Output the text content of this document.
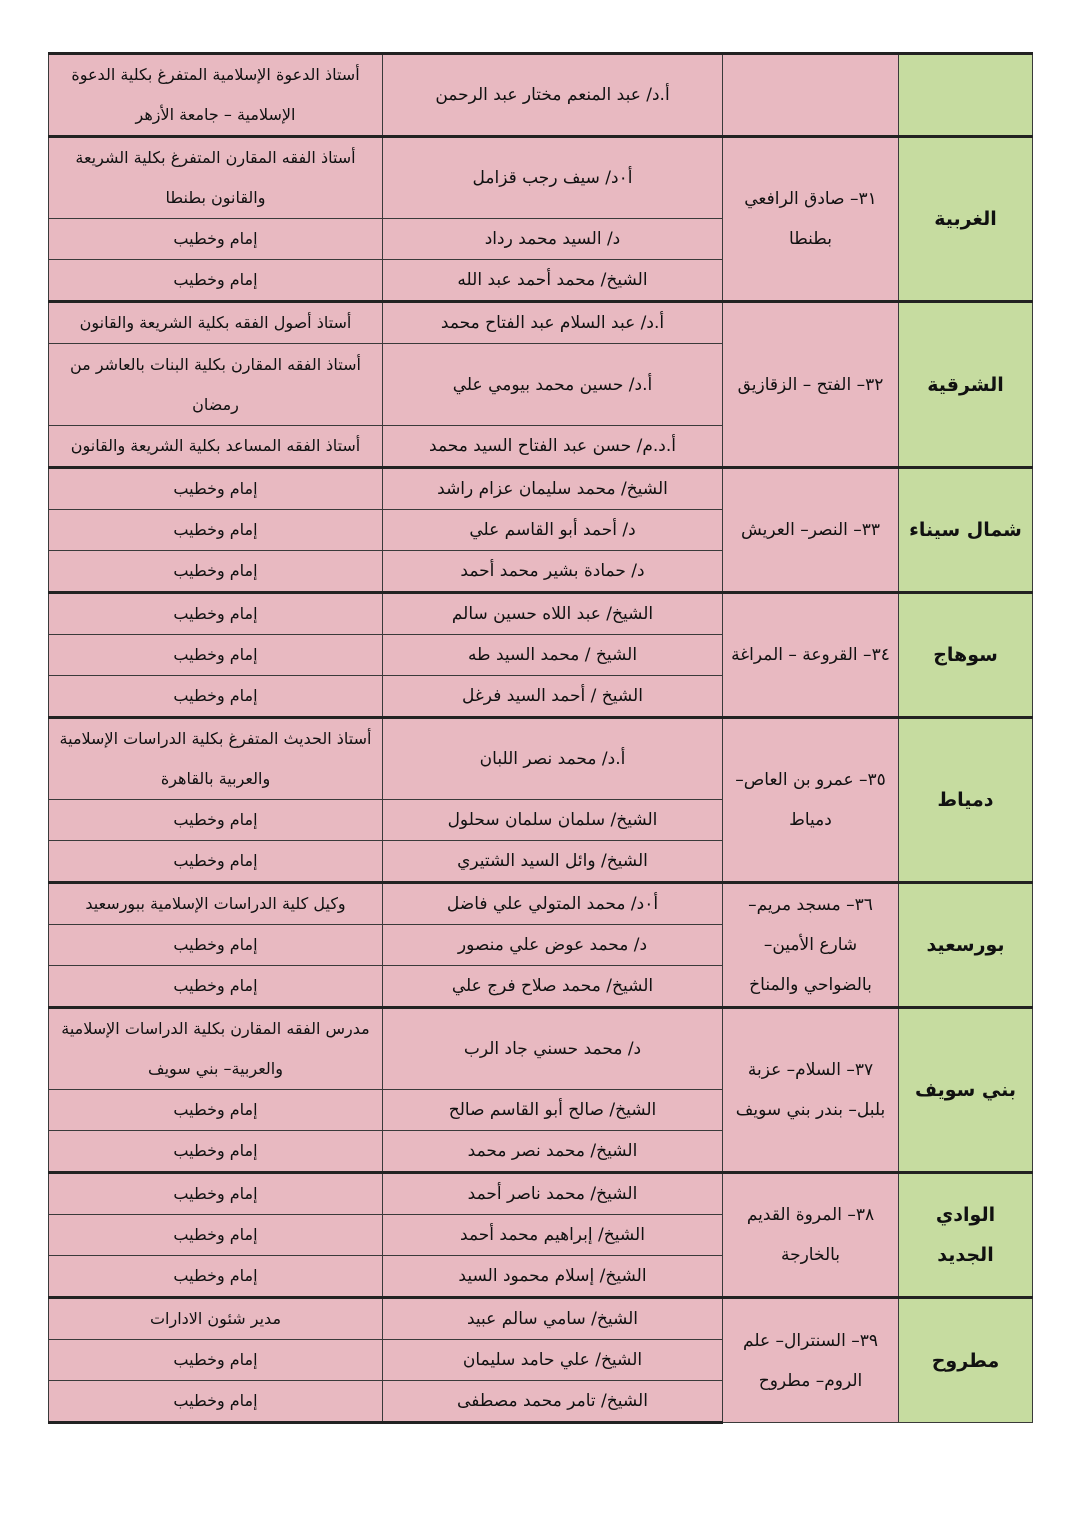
		أ.د/ عبد المنعم مختار عبد الرحمن	أستاذ الدعوة الإسلامية المتفرغ بكلية الدعوة الإسلامية – جامعة الأزهر
الغربية	٣١– صادق الرافعي بطنطا	أ٠د/ سيف رجب قزامل	أستاذ الفقه المقارن المتفرغ بكلية الشريعة والقانون بطنطا
		د/ السيد محمد رداد	إمام وخطيب
		الشيخ/ محمد أحمد عبد الله	إمام وخطيب
الشرقية	٣٢– الفتح – الزقازيق	أ.د/ عبد السلام عبد الفتاح محمد	أستاذ أصول الفقه بكلية الشريعة والقانون
		أ.د/ حسين محمد بيومي علي	أستاذ الفقه المقارن بكلية البنات بالعاشر من رمضان
		أ.د.م/ حسن عبد الفتاح السيد محمد	أستاذ الفقه المساعد بكلية الشريعة والقانون
شمال سيناء	٣٣– النصر– العريش	الشيخ/ محمد سليمان عزام راشد	إمام وخطيب
		د/ أحمد أبو القاسم علي	إمام وخطيب
		د/ حمادة بشير محمد أحمد	إمام وخطيب
سوهاج	٣٤– القروعة – المراغة	الشيخ/ عبد اللاه حسين سالم	إمام وخطيب
		الشيخ / محمد السيد طه	إمام وخطيب
		الشيخ / أحمد السيد فرغل	إمام وخطيب
دمياط	٣٥– عمرو بن العاص– دمياط	أ.د/ محمد نصر اللبان	أستاذ الحديث المتفرغ بكلية الدراسات الإسلامية والعربية بالقاهرة
		الشيخ/ سلمان سلمان سحلول	إمام وخطيب
		الشيخ/ وائل السيد الشتيري	إمام وخطيب
بورسعيد	٣٦– مسجد مريم– شارع الأمين– بالضواحي والمناخ	أ٠د/ محمد المتولي علي فاضل	وكيل كلية الدراسات الإسلامية ببورسعيد
		د/ محمد عوض علي منصور	إمام وخطيب
		الشيخ/ محمد صلاح فرج علي	إمام وخطيب
بني سويف	٣٧– السلام– عزبة بلبل– بندر بني سويف	د/ محمد حسني جاد الرب	مدرس الفقه المقارن بكلية الدراسات الإسلامية والعربية– بني سويف
		الشيخ/ صالح أبو القاسم صالح	إمام وخطيب
		الشيخ/ محمد نصر محمد	إمام وخطيب
الوادي الجديد	٣٨– المروة القديم بالخارجة	الشيخ/ محمد ناصر أحمد	إمام وخطيب
		الشيخ/ إبراهيم محمد أحمد	إمام وخطيب
		الشيخ/ إسلام محمود السيد	إمام وخطيب
مطروح	٣٩– السنترال– علم الروم– مطروح	الشيخ/ سامي سالم عبيد	مدير شئون الادارات
		الشيخ/ علي حامد سليمان	إمام وخطيب
		الشيخ/ تامر محمد مصطفى	إمام وخطيب
